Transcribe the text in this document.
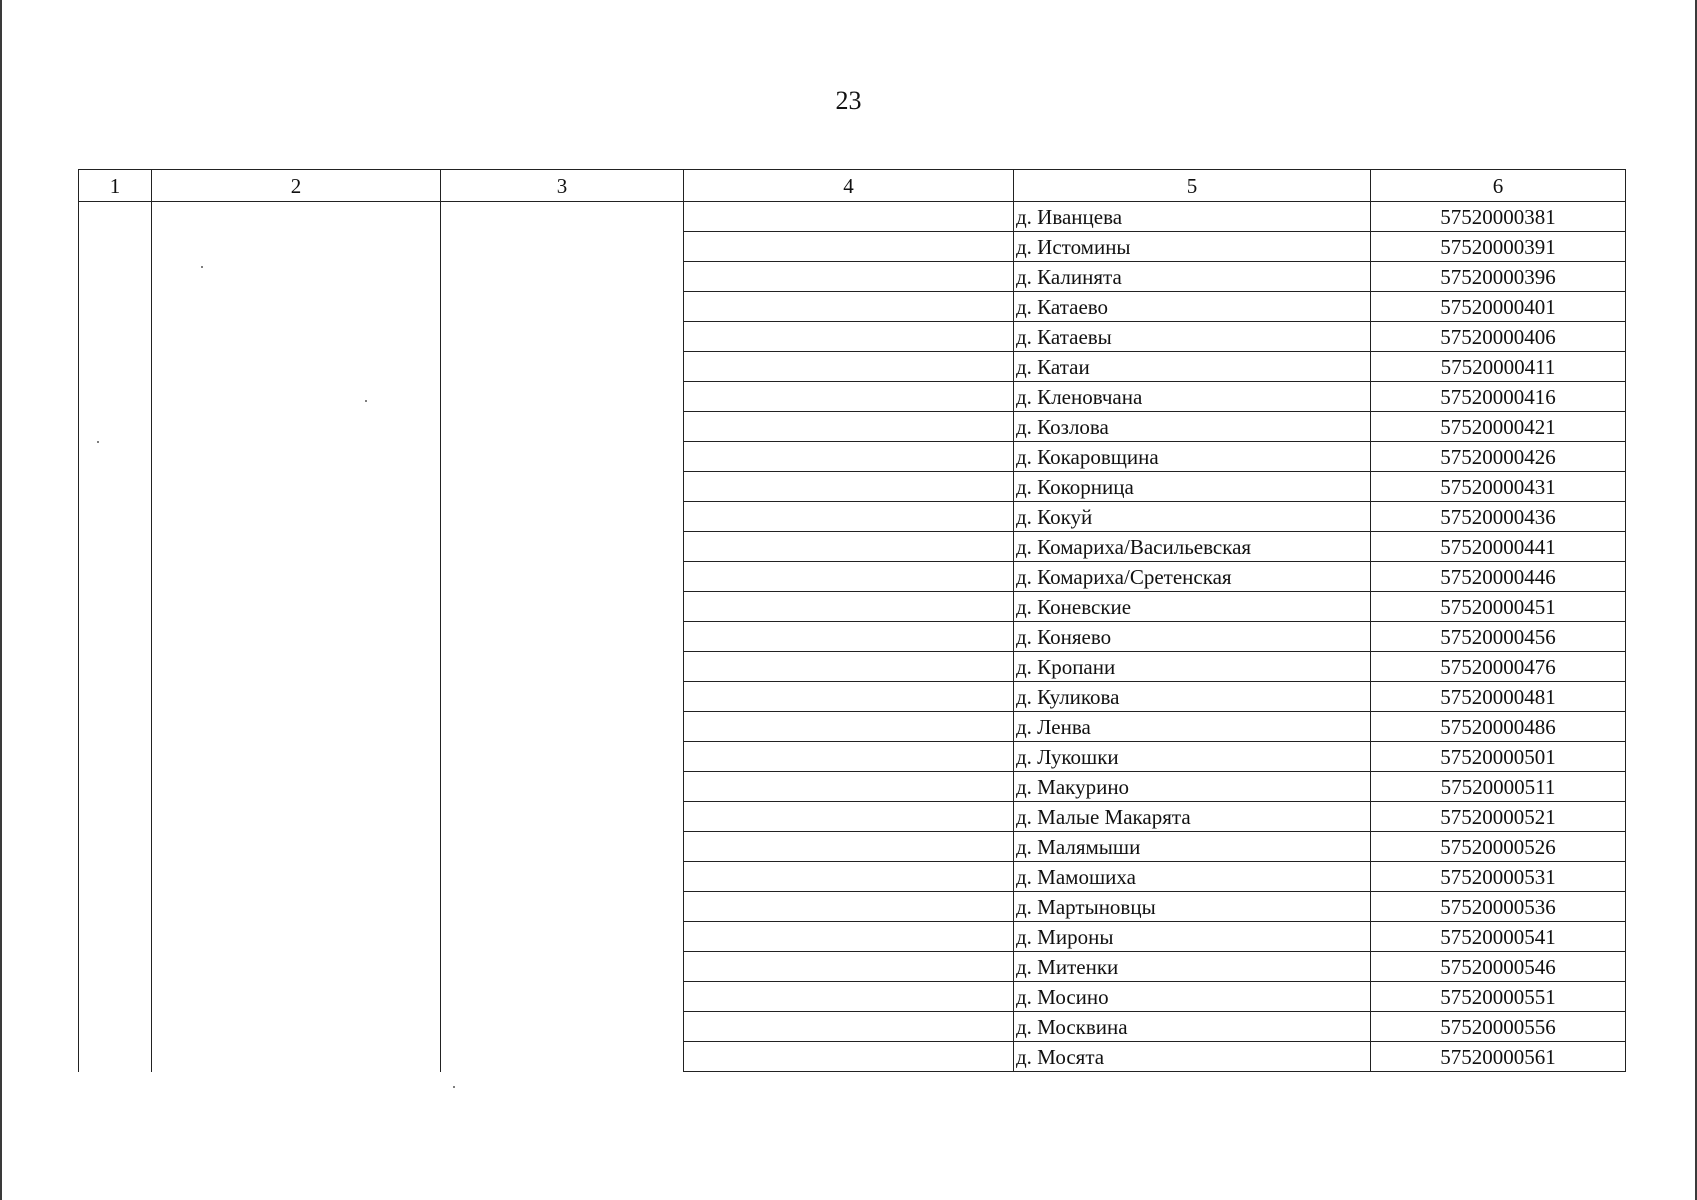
23
1	2	3	4	5	6
				д. Иванцева	57520000381
				д. Истомины	57520000391
				д. Калинята	57520000396
				д. Катаево	57520000401
				д. Катаевы	57520000406
				д. Катаи	57520000411
				д. Кленовчана	57520000416
				д. Козлова	57520000421
				д. Кокаровщина	57520000426
				д. Кокорница	57520000431
				д. Кокуй	57520000436
				д. Комариха/Васильевская	57520000441
				д. Комариха/Сретенская	57520000446
				д. Коневские	57520000451
				д. Коняево	57520000456
				д. Кропани	57520000476
				д. Куликова	57520000481
				д. Ленва	57520000486
				д. Лукошки	57520000501
				д. Макурино	57520000511
				д. Малые Макарята	57520000521
				д. Малямыши	57520000526
				д. Мамошиха	57520000531
				д. Мартыновцы	57520000536
				д. Мироны	57520000541
				д. Митенки	57520000546
				д. Мосино	57520000551
				д. Москвина	57520000556
				д. Мосята	57520000561
